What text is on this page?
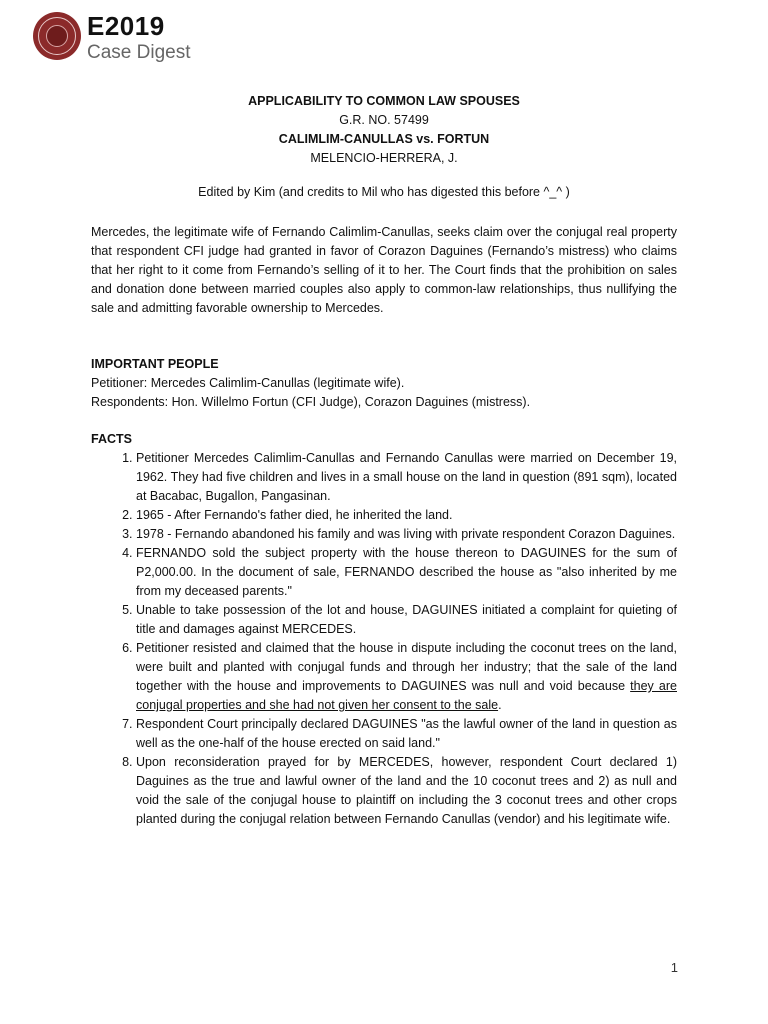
E2019
Case Digest
APPLICABILITY TO COMMON LAW SPOUSES
G.R. NO. 57499
CALIMLIM-CANULLAS vs. FORTUN
MELENCIO-HERRERA, J.
Edited by Kim (and credits to Mil who has digested this before ^_^ )
Mercedes, the legitimate wife of Fernando Calimlim-Canullas, seeks claim over the conjugal real property that respondent CFI judge had granted in favor of Corazon Daguines (Fernando’s mistress) who claims that her right to it come from Fernando’s selling of it to her. The Court finds that the prohibition on sales and donation done between married couples also apply to common-law relationships, thus nullifying the sale and admitting favorable ownership to Mercedes.
IMPORTANT PEOPLE
Petitioner: Mercedes Calimlim-Canullas (legitimate wife).
Respondents: Hon. Willelmo Fortun (CFI Judge), Corazon Daguines (mistress).
FACTS
1. Petitioner Mercedes Calimlim-Canullas and Fernando Canullas were married on December 19, 1962. They had five children and lives in a small house on the land in question (891 sqm), located at Bacabac, Bugallon, Pangasinan.
2. 1965 - After Fernando's father died, he inherited the land.
3. 1978 - Fernando abandoned his family and was living with private respondent Corazon Daguines.
4. FERNANDO sold the subject property with the house thereon to DAGUINES for the sum of P2,000.00. In the document of sale, FERNANDO described the house as "also inherited by me from my deceased parents."
5. Unable to take possession of the lot and house, DAGUINES initiated a complaint for quieting of title and damages against MERCEDES.
6. Petitioner resisted and claimed that the house in dispute including the coconut trees on the land, were built and planted with conjugal funds and through her industry; that the sale of the land together with the house and improvements to DAGUINES was null and void because they are conjugal properties and she had not given her consent to the sale.
7. Respondent Court principally declared DAGUINES "as the lawful owner of the land in question as well as the one-half of the house erected on said land."
8. Upon reconsideration prayed for by MERCEDES, however, respondent Court declared 1) Daguines as the true and lawful owner of the land and the 10 coconut trees and 2) as null and void the sale of the conjugal house to plaintiff on including the 3 coconut trees and other crops planted during the conjugal relation between Fernando Canullas (vendor) and his legitimate wife.
1
